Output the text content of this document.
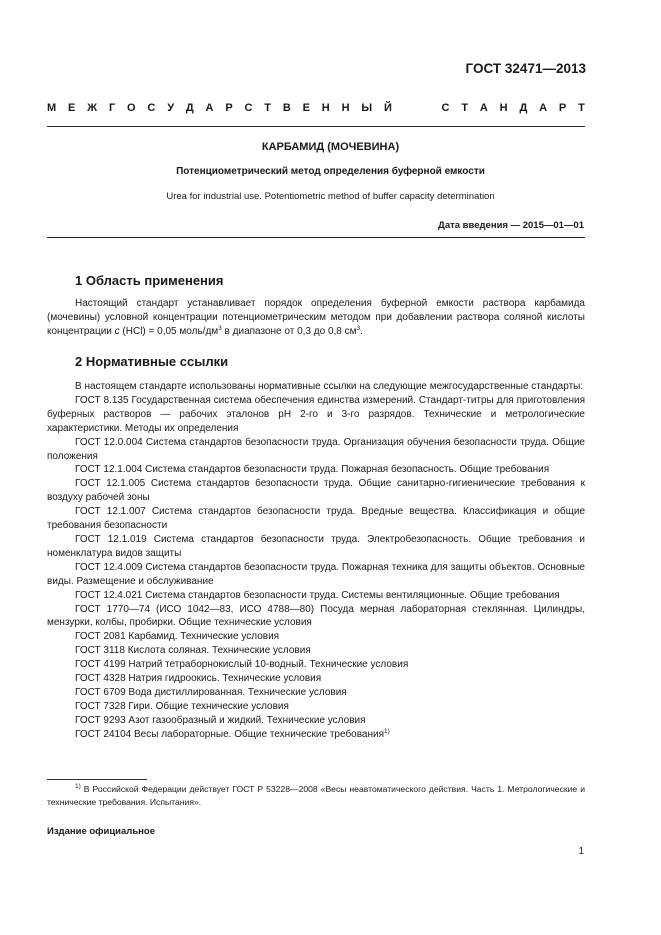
ГОСТ 32471—2013
М Е Ж Г О С У Д А Р С Т В Е Н Н Ы Й	С Т А Н Д А Р Т
КАРБАМИД (МОЧЕВИНА)
Потенциометрический метод определения буферной емкости
Urea for industrial use. Potentiometric method of buffer capacity determination
Дата введения — 2015—01—01
1 Область применения

Настоящий стандарт устанавливает порядок определения буферной емкости раствора карбамида (мочевины) условной концентрации потенциометрическим методом при добавлении раствора соляной кислоты концентрации c (HCl) = 0,05 моль/$дм^3$ в диапазоне от 0,3 до 0,8 $см^3$.

2 Нормативные ссылки

В настоящем стандарте использованы нормативные ссылки на следующие межгосударственные стандарты:

ГОСТ 8.135 Государственная система обеспечения единства измерений. Стандарт-титры для приготовления буферных растворов — рабочих эталонов pH 2-го и 3-го разрядов. Технические и метрологические характеристики. Методы их определения

ГОСТ 12.0.004 Система стандартов безопасности труда. Организация обучения безопасности труда. Общие положения

ГОСТ 12.1.004 Система стандартов безопасности труда. Пожарная безопасность. Общие требования

ГОСТ 12.1.005 Система стандартов безопасности труда. Общие санитарно-гигиенические требования к воздуху рабочей зоны

ГОСТ 12.1.007 Система стандартов безопасности труда. Вредные вещества. Классификация и общие требования безопасности

ГОСТ 12.1.019 Система стандартов безопасности труда. Электробезопасность. Общие требования и номенклатура видов защиты

ГОСТ 12.4.009 Система стандартов безопасности труда. Пожарная техника для защиты объектов. Основные виды. Размещение и обслуживание

ГОСТ 12.4.021 Система стандартов безопасности труда. Системы вентиляционные. Общие требования

ГОСТ 1770—74 (ИСО 1042—83, ИСО 4788—80) Посуда мерная лабораторная стеклянная. Цилиндры, мензурки, колбы, пробирки. Общие технические условия

ГОСТ 2081 Карбамид. Технические условия

ГОСТ 3118 Кислота соляная. Технические условия

ГОСТ 4199 Натрий тетраборнокислый 10-водный. Технические условия

ГОСТ 4328 Натрия гидроокись. Технические условия

ГОСТ 6709 Вода дистиллированная. Технические условия

ГОСТ 7328 Гири. Общие технические условия

ГОСТ 9293 Азот газообразный и жидкий. Технические условия

ГОСТ 24104 Весы лабораторные. Общие технические требования$^{1)}$

$^{1)}$ В Российской Федерации действует ГОСТ Р 53228—2008 «Весы неавтоматического действия. Часть 1. Метрологические и технические требования. Испытания».

Издание официальное
1
